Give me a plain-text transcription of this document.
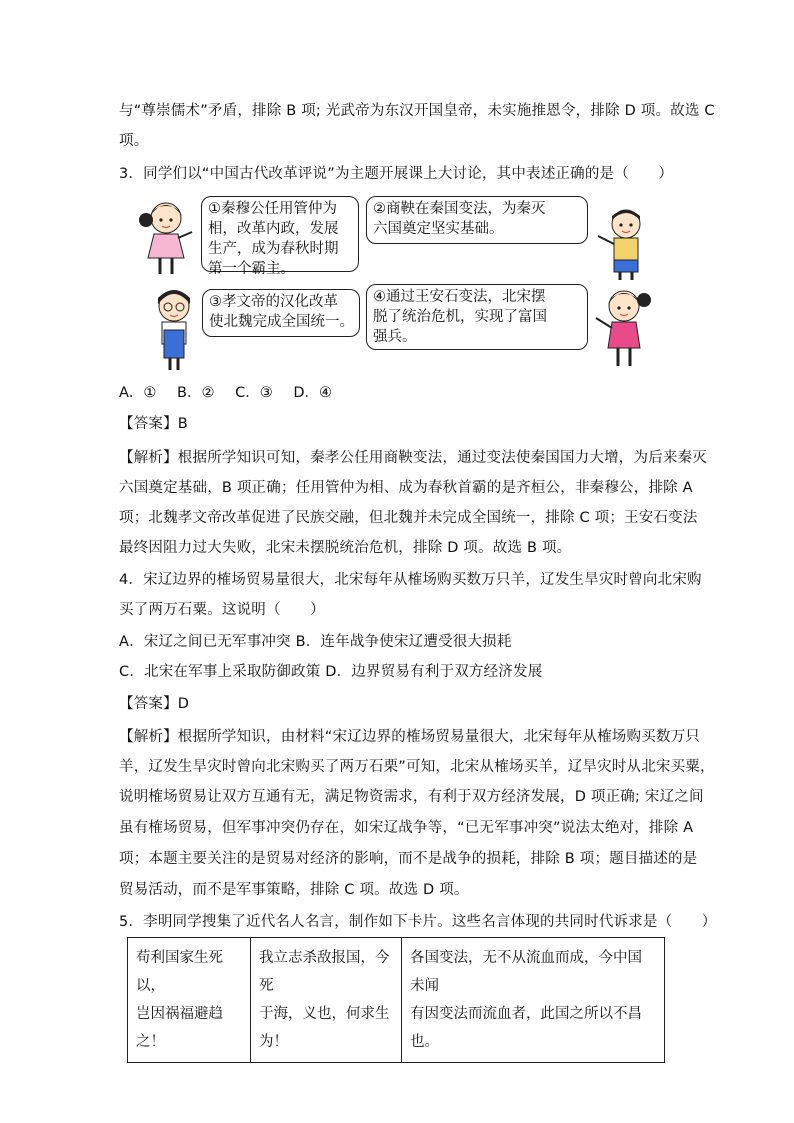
与“尊崇儒术”矛盾，排除 B 项; 光武帝为东汉开国皇帝，未实施推恩令，排除 D 项。故选 C
项。
3．同学们以“中国古代改革评说”为主题开展课上大讨论，其中表述正确的是（　　）
①秦穆公任用管仲为
相，改革内政，发展
生产，成为春秋时期
第一个霸主。
②商鞅在秦国变法，为秦灭
六国奠定坚实基础。
③孝文帝的汉化改革
使北魏完成全国统一。
④通过王安石变法，北宋摆
脱了统治危机，实现了富国
强兵。
A．① B．② C．③ D．④
【答案】B
【解析】根据所学知识可知，秦孝公任用商鞅变法，通过变法使秦国国力大增，为后来秦灭
六国奠定基础，B 项正确；任用管仲为相、成为春秋首霸的是齐桓公，非秦穆公，排除 A
项；北魏孝文帝改革促进了民族交融，但北魏并未完成全国统一，排除 C 项；王安石变法
最终因阻力过大失败，北宋未摆脱统治危机，排除 D 项。故选 B 项。
4．宋辽边界的榷场贸易量很大，北宋每年从榷场购买数万只羊，辽发生旱灾时曾向北宋购
买了两万石粟。这说明（　　）
A．宋辽之间已无军事冲突 B．连年战争使宋辽遭受很大损耗
C．北宋在军事上采取防御政策 D．边界贸易有利于双方经济发展
【答案】D
【解析】根据所学知识，由材料“宋辽边界的榷场贸易量很大，北宋每年从榷场购买数万只
羊，辽发生旱灾时曾向北宋购买了两万石栗”可知，北宋从榷场买羊，辽旱灾时从北宋买粟，
说明榷场贸易让双方互通有无，满足物资需求，有利于双方经济发展，D 项正确; 宋辽之间
虽有榷场贸易，但军事冲突仍存在，如宋辽战争等，“已无军事冲突”说法太绝对，排除 A
项；本题主要关注的是贸易对经济的影响，而不是战争的损耗，排除 B 项；题目描述的是
贸易活动，而不是军事策略，排除 C 项。故选 D 项。
5．李明同学搜集了近代名人名言，制作如下卡片。这些名言体现的共同时代诉求是（　　）
苟利国家生死以，
岂因祸福避趋之！

我立志杀敌报国，今死
于海，义也，何求生为！

各国变法，无不从流血而成，今中国未闻
有因变法而流血者，此国之所以不昌也。
